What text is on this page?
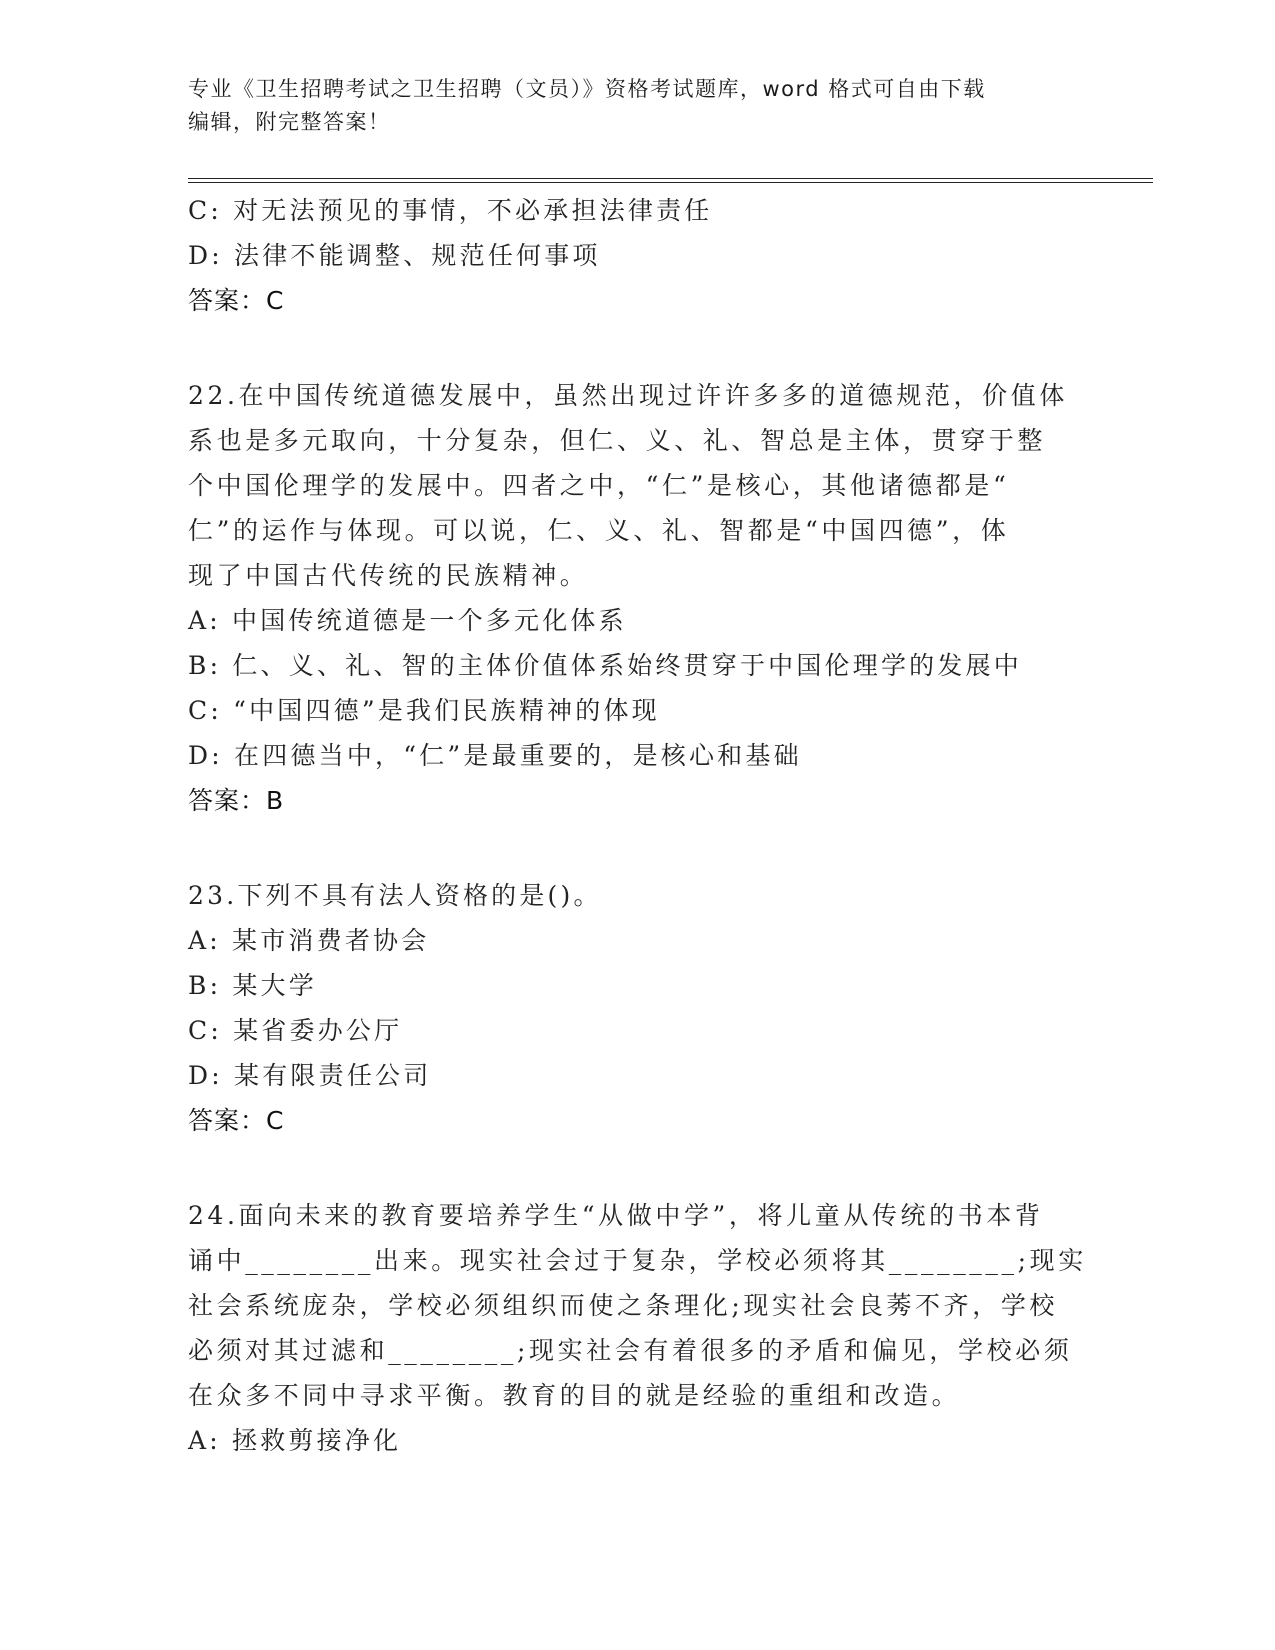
专业《卫生招聘考试之卫生招聘（文员）》资格考试题库，word 格式可自由下载
编辑，附完整答案！
C: 对无法预见的事情，不必承担法律责任
D: 法律不能调整、规范任何事项
答案：C
22.在中国传统道德发展中，虽然出现过许许多多的道德规范，价值体
系也是多元取向，十分复杂，但仁、义、礼、智总是主体，贯穿于整
个中国伦理学的发展中。四者之中，“仁”是核心，其他诸德都是“
仁”的运作与体现。可以说，仁、义、礼、智都是“中国四德”，体
现了中国古代传统的民族精神。
A: 中国传统道德是一个多元化体系
B: 仁、义、礼、智的主体价值体系始终贯穿于中国伦理学的发展中
C: “中国四德”是我们民族精神的体现
D: 在四德当中，“仁”是最重要的，是核心和基础
答案：B
23.下列不具有法人资格的是()。
A: 某市消费者协会
B: 某大学
C: 某省委办公厅
D: 某有限责任公司
答案：C
24.面向未来的教育要培养学生“从做中学”，将儿童从传统的书本背
诵中________出来。现实社会过于复杂，学校必须将其________;现实
社会系统庞杂，学校必须组织而使之条理化;现实社会良莠不齐，学校
必须对其过滤和________;现实社会有着很多的矛盾和偏见，学校必须
在众多不同中寻求平衡。教育的目的就是经验的重组和改造。
A: 拯救剪接净化
